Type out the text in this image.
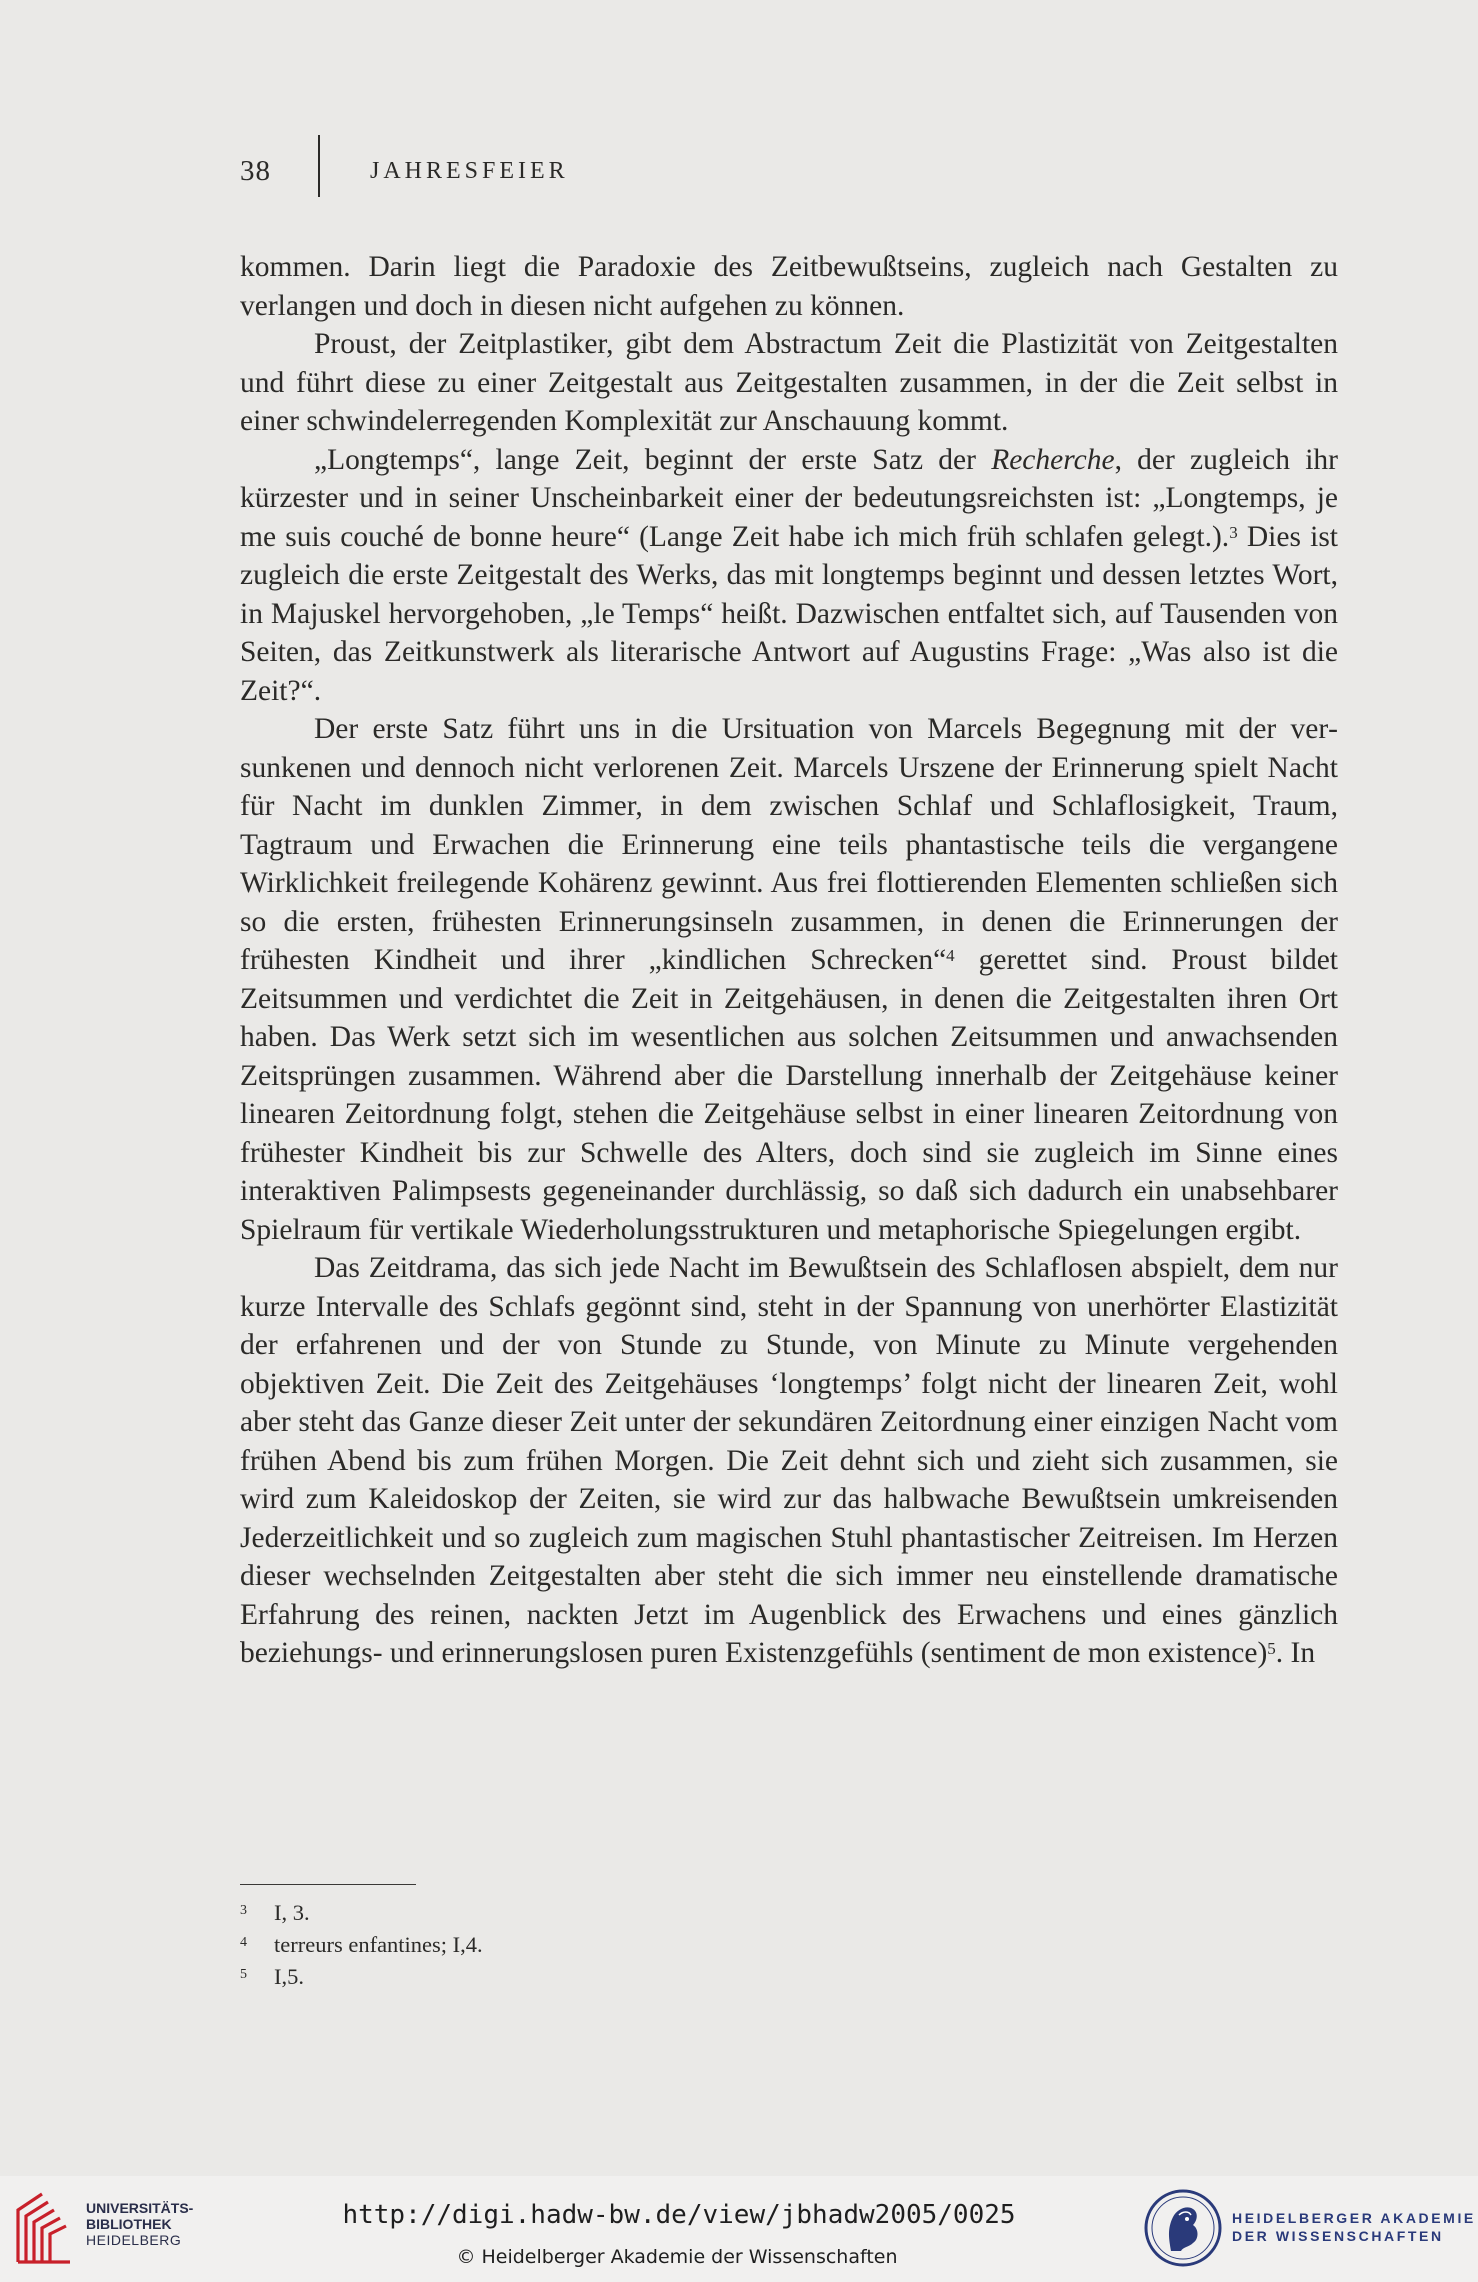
38	JAHRESFEIER

kommen. Darin liegt die Paradoxie des Zeitbewußtseins, zugleich nach Gestalten zu verlangen und doch in diesen nicht aufgehen zu können.

Proust, der Zeitplastiker, gibt dem Abstractum Zeit die Plastizität von Zeitgestalten und führt diese zu einer Zeitgestalt aus Zeitgestalten zusammen, in der die Zeit selbst in einer schwindelerregenden Komplexität zur Anschauung kommt.

„Longtemps“, lange Zeit, beginnt der erste Satz der Recherche, der zugleich ihr kürzester und in seiner Unscheinbarkeit einer der bedeutungsreichsten ist: „Longtemps, je me suis couché de bonne heure“ (Lange Zeit habe ich mich früh schlafen gelegt.).$^3$ Dies ist zugleich die erste Zeitgestalt des Werks, das mit longtemps beginnt und dessen letztes Wort, in Majuskel hervorgehoben, „le Temps“ heißt. Dazwischen entfaltet sich, auf Tausenden von Seiten, das Zeitkunstwerk als literarische Antwort auf Augustins Frage: „Was also ist die Zeit?“.

Der erste Satz führt uns in die Ursituation von Marcels Begegnung mit der versunkenen und dennoch nicht verlorenen Zeit. Marcels Urszene der Erinnerung spielt Nacht für Nacht im dunklen Zimmer, in dem zwischen Schlaf und Schlaflosigkeit, Traum, Tagtraum und Erwachen die Erinnerung eine teils phantastische teils die vergangene Wirklichkeit freilegende Kohärenz gewinnt. Aus frei flottierenden Elementen schließen sich so die ersten, frühesten Erinnerungsinseln zusammen, in denen die Erinnerungen der frühesten Kindheit und ihrer „kindlichen Schrecken“$^4$ gerettet sind. Proust bildet Zeitsummen und verdichtet die Zeit in Zeitgehäusen, in denen die Zeitgestalten ihren Ort haben. Das Werk setzt sich im wesentlichen aus solchen Zeitsummen und anwachsenden Zeitsprüngen zusammen. Während aber die Darstellung innerhalb der Zeitgehäuse keiner linearen Zeitordnung folgt, stehen die Zeitgehäuse selbst in einer linearen Zeitordnung von frühester Kindheit bis zur Schwelle des Alters, doch sind sie zugleich im Sinne eines interaktiven Palimpsests gegeneinander durchlässig, so daß sich dadurch ein unabsehbarer Spielraum für vertikale Wiederholungsstrukturen und metaphorische Spiegelungen ergibt.

Das Zeitdrama, das sich jede Nacht im Bewußtsein des Schlaflosen abspielt, dem nur kurze Intervalle des Schlafs gegönnt sind, steht in der Spannung von unerhörter Elastizität der erfahrenen und der von Stunde zu Stunde, von Minute zu Minute vergehenden objektiven Zeit. Die Zeit des Zeitgehäuses ‘longtemps’ folgt nicht der linearen Zeit, wohl aber steht das Ganze dieser Zeit unter der sekundären Zeitordnung einer einzigen Nacht vom frühen Abend bis zum frühen Morgen. Die Zeit dehnt sich und zieht sich zusammen, sie wird zum Kaleidoskop der Zeiten, sie wird zur das halbwache Bewußtsein umkreisenden Jederzeitlichkeit und so zugleich zum magischen Stuhl phantastischer Zeitreisen. Im Herzen dieser wechselnden Zeitgestalten aber steht die sich immer neu einstellende dramatische Erfahrung des reinen, nackten Jetzt im Augenblick des Erwachens und eines gänzlich beziehungs- und erinnerungslosen puren Existenzgefühls (sentiment de mon existence)$^5$. In

3 I, 3.
4 terreurs enfantines; I,4.
5 I,5.
UNIVERSITÄTS-
BIBLIOTHEK
HEIDELBERG
http://digi.hadw-bw.de/view/jbhadw2005/0025
© Heidelberger Akademie der Wissenschaften
HEIDELBERGER AKADEMIE
DER WISSENSCHAFTEN
